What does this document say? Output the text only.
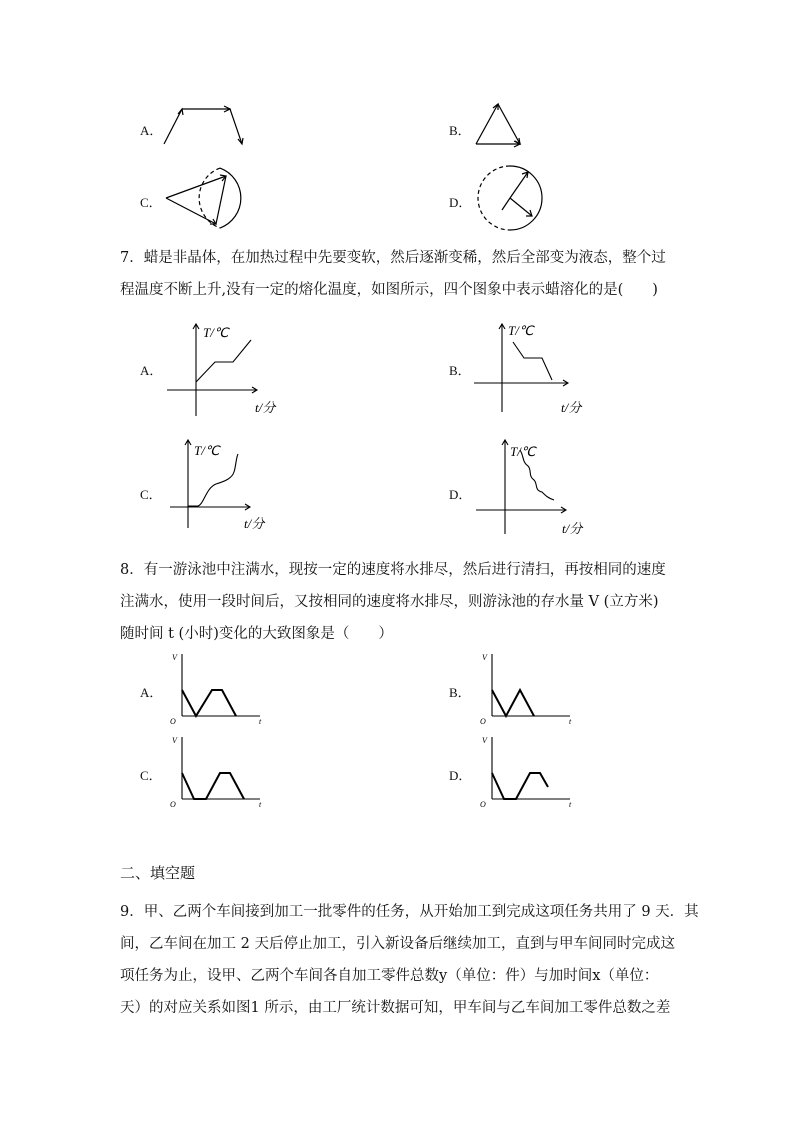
A．	B．
C．	D．

7．蜡是非晶体，在加热过程中先要变软，然后逐渐变稀，然后全部变为液态，整个过

程温度不断上升,没有一定的熔化温度，如图所示，四个图象中表示蜡溶化的是(　　)

A．
T/℃
t/分
B．
T/℃
t/分
C．
T/℃
t/分
D．
T/℃
t/分

8．有一游泳池中注满水，现按一定的速度将水排尽，然后进行清扫，再按相同的速度

注满水，使用一段时间后，又按相同的速度将水排尽，则游泳池的存水量 V (立方米)

随时间 t (小时)变化的大致图象是（　　）

A．
V
O	t
B．
V
O	t
C．
V
O	t
D．
V
O	t
二、填空题

9．甲、乙两个车间接到加工一批零件的任务，从开始加工到完成这项任务共用了 9 天．其

间，乙车间在加工 2 天后停止加工，引入新设备后继续加工，直到与甲车间同时完成这

项任务为止，设甲、乙两个车间各自加工零件总数y（单位：件）与加时间x（单位：

天）的对应关系如图1 所示，由工厂统计数据可知，甲车间与乙车间加工零件总数之差
